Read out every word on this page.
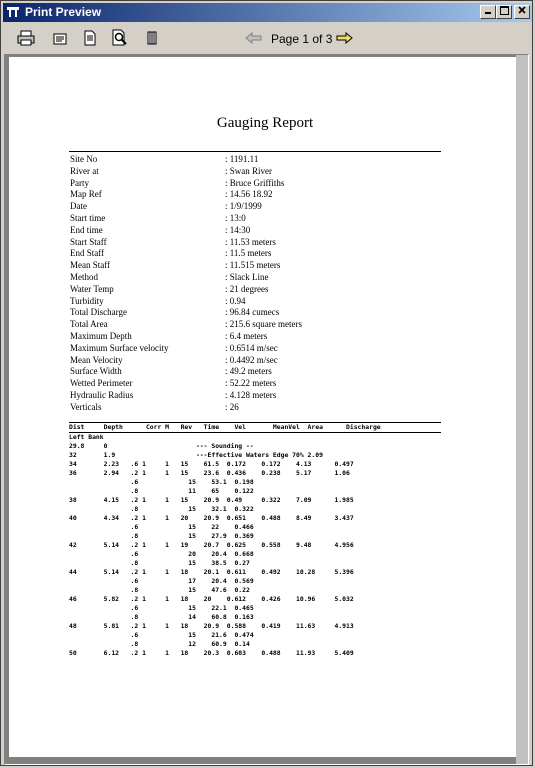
Print Preview
Page 1 of 3
Gauging Report
Site No	: 1191.11
River at	: Swan River
Party	: Bruce Griffiths
Map Ref	: 14.56 18.92
Date	: 1/9/1999
Start time	: 13:0
End time	: 14:30
Start Staff	: 11.53 meters
End Staff	: 11.5 meters
Mean Staff	: 11.515 meters
Method	: Slack Line
Water Temp	: 21 degrees
Turbidity	: 0.94
Total Discharge	: 96.84 cumecs
Total Area	: 215.6 square meters
Maximum Depth	: 6.4 meters
Maximum Surface velocity	: 0.6514 m/sec
Mean Velocity	: 0.4492 m/sec
Surface Width	: 49.2 meters
Wetted Perimeter	: 52.22 meters
Hydraulic Radius	: 4.128 meters
Verticals	: 26
Dist     Depth      Corr M   Rev   Time    Vel       MeanVel  Area      Discharge
Left Bank
29.8     0                       --- Sounding --
32       1.9                     ---Effective Waters Edge 70% 2.09
34       2.23   .6 1     1   15    61.5  0.172    0.172    4.13      0.497
36       2.94   .2 1     1   15    23.6  0.436    0.238    5.17      1.06
.6             15    53.1  0.198
.8             11    65    0.122
38       4.15   .2 1     1   15    20.9  0.49     0.322    7.09      1.985
.8             15    32.1  0.322
40       4.34   .2 1     1   20    20.9  0.651    0.488    8.49      3.437
.6             15    22    0.466
.8             15    27.9  0.369
42       5.14   .2 1     1   19    20.7  0.625    0.558    9.48      4.956
.6             20    20.4  0.668
.8             15    38.5  0.27
44       5.14   .2 1     1   18    20.1  0.611    0.492    10.28     5.396
.6             17    20.4  0.569
.8             15    47.6  0.22
46       5.82   .2 1     1   18    20    0.612    0.426    10.96     5.032
.6             15    22.1  0.465
.8             14    60.8  0.163
48       5.81   .2 1     1   18    20.9  0.588    0.419    11.63     4.913
.6             15    21.6  0.474
.8             12    60.9  0.14
50       6.12   .2 1     1   18    20.3  0.603    0.488    11.93     5.409
